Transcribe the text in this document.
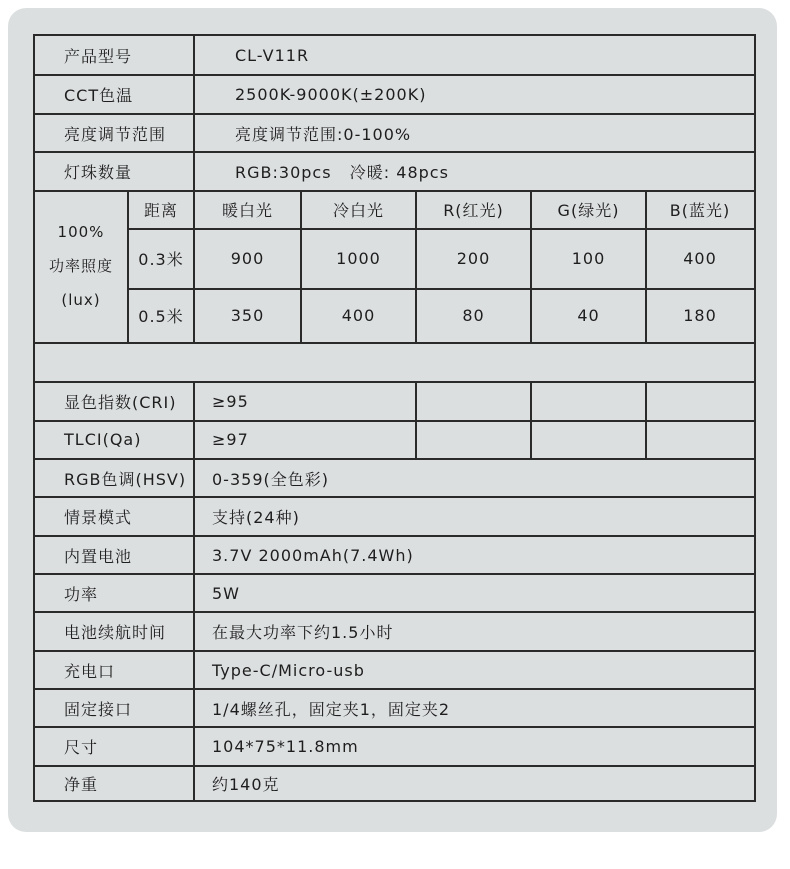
产品型号	CL-V11R
CCT色温	2500K-9000K(±200K)
亮度调节范围	亮度调节范围:0-100%
灯珠数量	RGB:30pcs   冷暖: 48pcs
100%
功率照度
(lux)
距离	暖白光	冷白光	R(红光)	G(绿光)	B(蓝光)
0.3米	900	1000	200	100	400
0.5米	350	400	80	40	180
显色指数(CRI)	≥95
TLCI(Qa)	≥97
RGB色调(HSV)	0-359(全色彩)
情景模式	支持(24种)
内置电池	3.7V 2000mAh(7.4Wh)
功率	5W
电池续航时间	在最大功率下约1.5小时
充电口	Type-C/Micro-usb
固定接口	1/4螺丝孔，固定夹1，固定夹2
尺寸	104*75*11.8mm
净重	约140克
